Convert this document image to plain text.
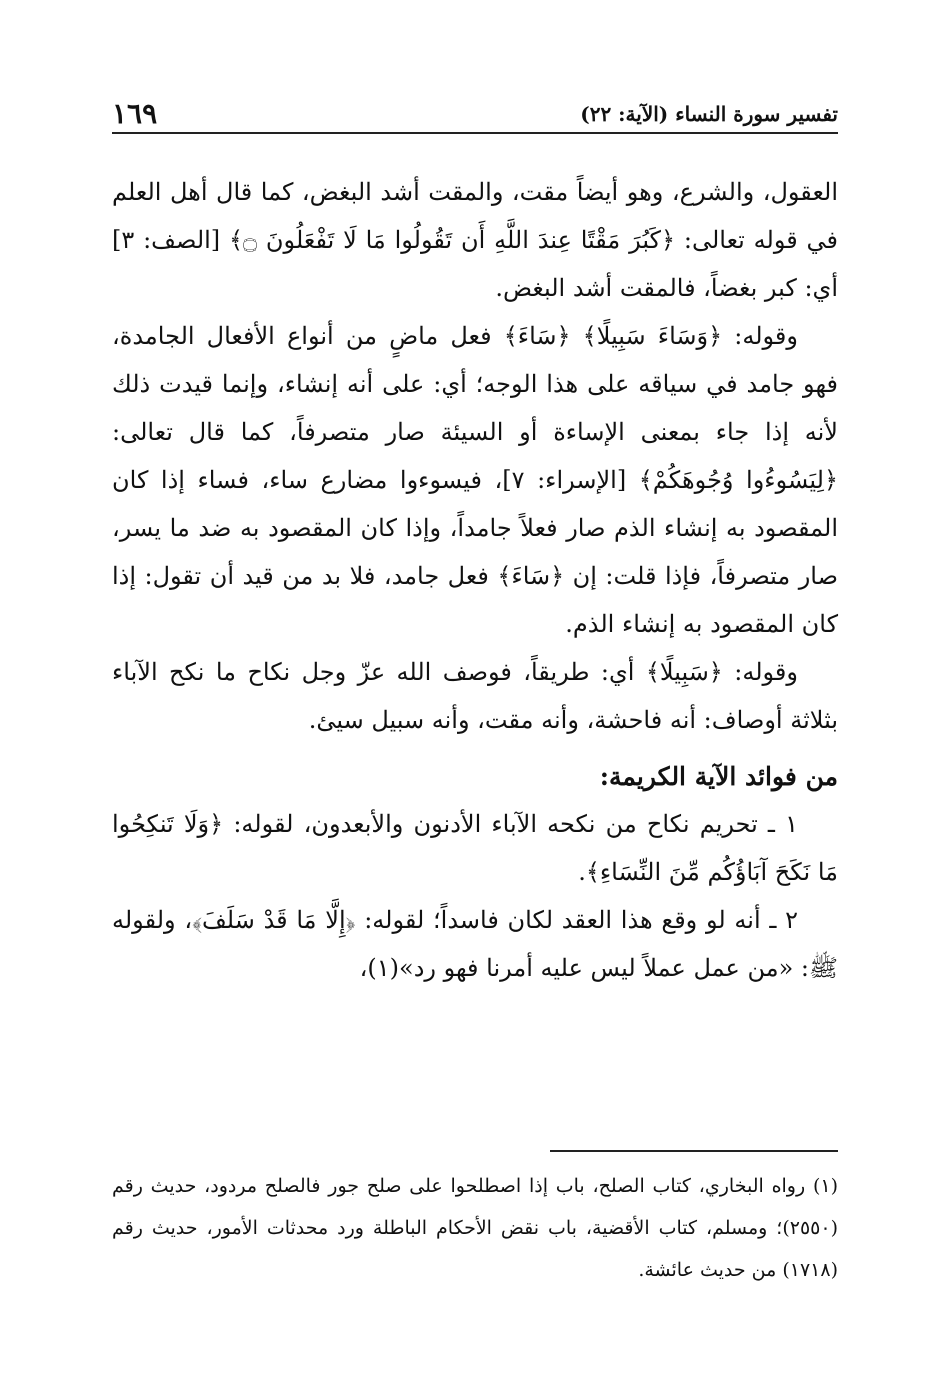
تفسير سورة النساء (الآية: ٢٢)
١٦٩

العقول، والشرع، وهو أيضاً مقت، والمقت أشد البغض، كما قال أهل العلم في قوله تعالى: ﴿كَبُرَ مَقْتًا عِندَ اللَّهِ أَن تَقُولُوا مَا لَا تَفْعَلُونَ ۝﴾ [الصف: ٣] أي: كبر بغضاً، فالمقت أشد البغض.

وقوله: ﴿وَسَاءَ سَبِيلًا﴾ ﴿سَاءَ﴾ فعل ماضٍ من أنواع الأفعال الجامدة، فهو جامد في سياقه على هذا الوجه؛ أي: على أنه إنشاء، وإنما قيدت ذلك لأنه إذا جاء بمعنى الإساءة أو السيئة صار متصرفاً، كما قال تعالى: ﴿لِيَسُوءُوا وُجُوهَكُمْ﴾ [الإسراء: ٧]، فيسوءوا مضارع ساء، فساء إذا كان المقصود به إنشاء الذم صار فعلاً جامداً، وإذا كان المقصود به ضد ما يسر، صار متصرفاً، فإذا قلت: إن ﴿سَاءَ﴾ فعل جامد، فلا بد من قيد أن تقول: إذا كان المقصود به إنشاء الذم.

وقوله: ﴿سَبِيلًا﴾ أي: طريقاً، فوصف الله عزّ وجل نكاح ما نكح الآباء بثلاثة أوصاف: أنه فاحشة، وأنه مقت، وأنه سبيل سيئ.

من فوائد الآية الكريمة:

١ ـ تحريم نكاح من نكحه الآباء الأدنون والأبعدون، لقوله: ﴿وَلَا تَنكِحُوا مَا نَكَحَ آبَاؤُكُم مِّنَ النِّسَاءِ﴾.

٢ ـ أنه لو وقع هذا العقد لكان فاسداً؛ لقوله: ﴿إِلَّا مَا قَدْ سَلَفَ﴾، ولقوله ﷺ: «من عمل عملاً ليس عليه أمرنا فهو رد»(١)،

(١) رواه البخاري، كتاب الصلح، باب إذا اصطلحوا على صلح جور فالصلح مردود، حديث رقم (٢٥٥٠)؛ ومسلم، كتاب الأقضية، باب نقض الأحكام الباطلة ورد محدثات الأمور، حديث رقم (١٧١٨) من حديث عائشة.
